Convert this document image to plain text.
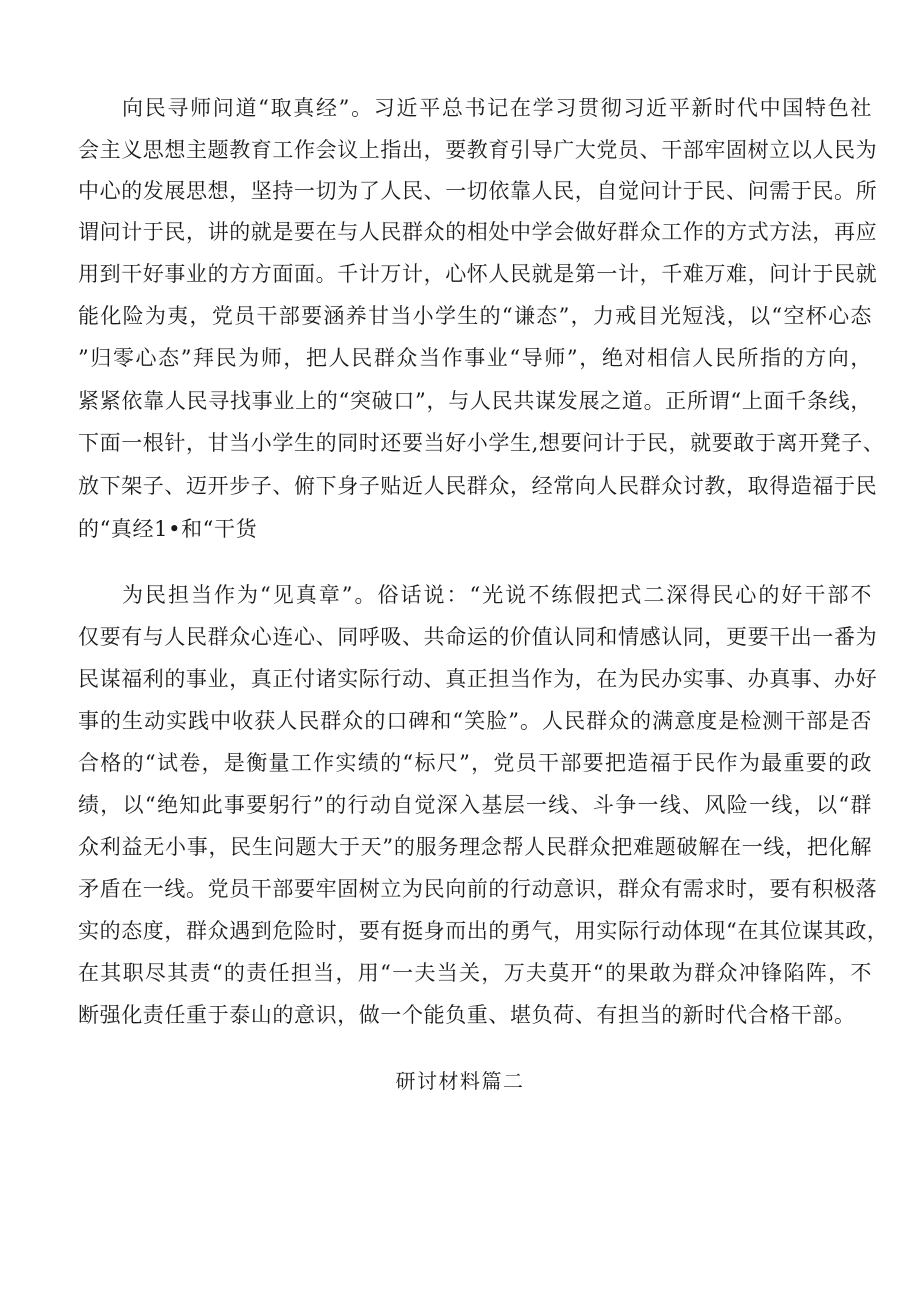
向民寻师问道“取真经”。习近平总书记在学习贯彻习近平新时代中国特色社
会主义思想主题教育工作会议上指出，要教育引导广大党员、干部牢固树立以人民为
中心的发展思想，坚持一切为了人民、一切依靠人民，自觉问计于民、问需于民。所
谓问计于民，讲的就是要在与人民群众的相处中学会做好群众工作的方式方法，再应
用到干好事业的方方面面。千计万计，心怀人民就是第一计，千难万难，问计于民就
能化险为夷，党员干部要涵养甘当小学生的“谦态”，力戒目光短浅，以“空杯心态
”归零心态”拜民为师，把人民群众当作事业“导师”，绝对相信人民所指的方向，
紧紧依靠人民寻找事业上的“突破口”，与人民共谋发展之道。正所谓“上面千条线，
下面一根针，甘当小学生的同时还要当好小学生,想要问计于民，就要敢于离开凳子、
放下架子、迈开步子、俯下身子贴近人民群众，经常向人民群众讨教，取得造福于民
的“真经1•和“干货
为民担当作为“见真章”。俗话说：“光说不练假把式二深得民心的好干部不
仅要有与人民群众心连心、同呼吸、共命运的价值认同和情感认同，更要干出一番为
民谋福利的事业，真正付诸实际行动、真正担当作为，在为民办实事、办真事、办好
事的生动实践中收获人民群众的口碑和“笑脸”。人民群众的满意度是检测干部是否
合格的“试卷，是衡量工作实绩的“标尺”，党员干部要把造福于民作为最重要的政
绩，以“绝知此事要躬行”的行动自觉深入基层一线、斗争一线、风险一线，以“群
众利益无小事，民生问题大于天”的服务理念帮人民群众把难题破解在一线，把化解
矛盾在一线。党员干部要牢固树立为民向前的行动意识，群众有需求时，要有积极落
实的态度，群众遇到危险时，要有挺身而出的勇气，用实际行动体现“在其位谋其政，
在其职尽其责“的责任担当，用“一夫当关，万夫莫开“的果敢为群众冲锋陷阵，不
断强化责任重于泰山的意识，做一个能负重、堪负荷、有担当的新时代合格干部。
研讨材料篇二
